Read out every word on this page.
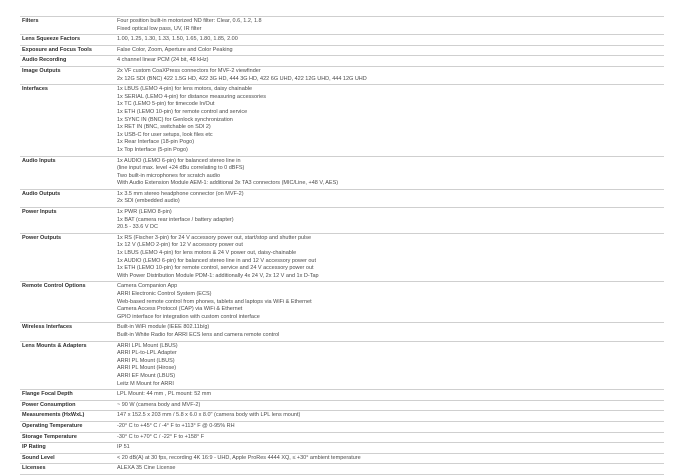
Filters	Four position built-in motorized ND filter: Clear, 0.6, 1.2, 1.8
Fixed optical low pass, UV, IR filter
Lens Squeeze Factors	1.00, 1.25, 1.30, 1.33, 1.50, 1.65, 1.80, 1.85, 2.00
Exposure and Focus Tools	False Color, Zoom, Aperture and Color Peaking
Audio Recording	4 channel linear PCM (24 bit, 48 kHz)
Image Outputs	2x VF custom CoaXPress connectors for MVF-2 viewfinder
2x 12G SDI (BNC) 422 1.5G HD, 422 3G HD, 444 3G HD, 422 6G UHD, 422 12G UHD, 444 12G UHD
Interfaces	1x LBUS (LEMO 4-pin) for lens motors, daisy chainable
1x SERIAL (LEMO 4-pin) for distance measuring accessories
1x TC (LEMO 5-pin) for timecode In/Out
1x ETH (LEMO 10-pin) for remote control and service
1x SYNC IN (BNC) for Genlock synchronization
1x RET IN (BNC, switchable on SDI 2)
1x USB-C for user setups, look files etc
1x Rear Interface (18-pin Pogo)
1x Top Interface (5-pin Pogo)
Audio Inputs	1x AUDIO (LEMO 6-pin) for balanced stereo line in
(line input max. level +24 dBu correlating to 0 dBFS)
Two built-in microphones for scratch audio
With Audio Extension Module AEM-1: additional 3x TA3 connectors (MIC/Line, +48 V, AES)
Audio Outputs	1x 3.5 mm stereo headphone connector (on MVF-2)
2x SDI (embedded audio)
Power Inputs	1x PWR (LEMO 8-pin)
1x BAT (camera rear interface / battery adapter)
20.5 - 33.6 V DC
Power Outputs	1x RS (Fischer 3-pin) for 24 V accessory power out, start/stop and shutter pulse
1x 12 V (LEMO 2-pin) for 12 V accessory power out
1x LBUS (LEMO 4-pin) for lens motors & 24 V power out, daisy-chainable
1x AUDIO (LEMO 6-pin) for balanced stereo line in and 12 V accessory power out
1x ETH (LEMO 10-pin) for remote control, service and 24 V accessory power out
With Power Distribution Module PDM-1: additionally 4x 24 V, 2x 12 V and 1x D-Tap
Remote Control Options	Camera Companion App
ARRI Electronic Control System (ECS)
Web-based remote control from phones, tablets and laptops via WiFi & Ethernet
Camera Access Protocol (CAP) via WiFi & Ethernet
GPIO interface for integration with custom control interface
Wireless Interfaces	Built-in WiFi module (IEEE 802.11b/g)
Built-in White Radio for ARRI ECS lens and camera remote control
Lens Mounts & Adapters	ARRI LPL Mount (LBUS)
ARRI PL-to-LPL Adapter
ARRI PL Mount (LBUS)
ARRI PL Mount (Hirose)
ARRI EF Mount (LBUS)
Leitz M Mount for ARRI
Flange Focal Depth	LPL Mount: 44 mm , PL mount: 52 mm
Power Consumption	~ 90 W (camera body and MVF-2)
Measurements (HxWxL)	147 x 152.5 x 203 mm / 5.8 x 6.0 x 8.0" (camera body with LPL lens mount)
Operating Temperature	-20° C to +45° C / -4° F to +113° F @ 0-95% RH
Storage Temperature	-30° C to +70° C / -22° F to +158° F
IP Rating	IP 51
Sound Level	< 20 dB(A) at 30 fps, recording 4K 16:9 - UHD, Apple ProRes 4444 XQ, ≤ +30° ambient temperature
Licenses	ALEXA 35 Cine License
